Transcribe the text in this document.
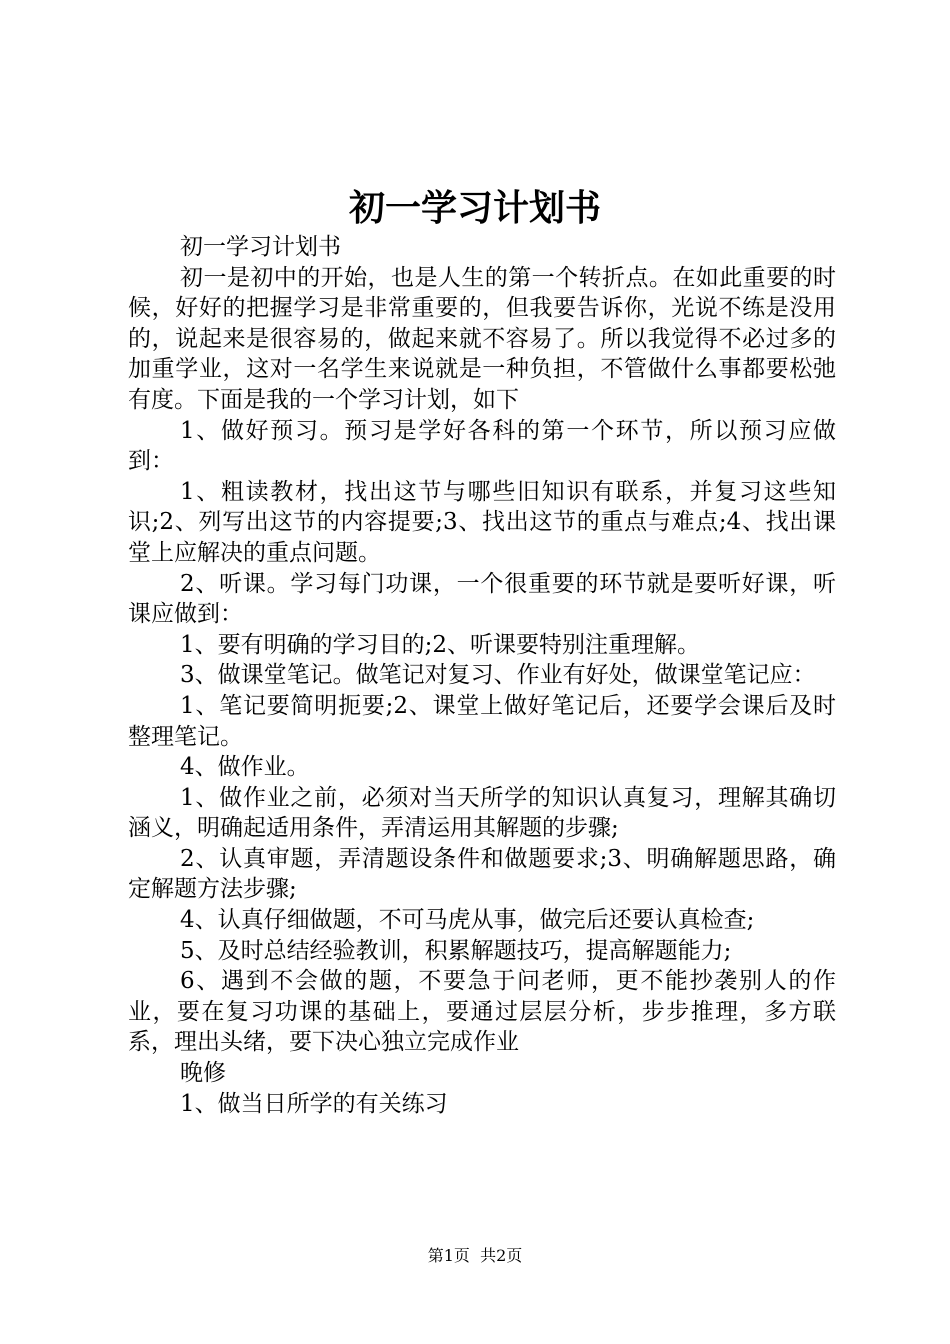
初一学习计划书

初一学习计划书

初一是初中的开始，也是人生的第一个转折点。在如此重要的时候，好好的把握学习是非常重要的，但我要告诉你，光说不练是没用的，说起来是很容易的，做起来就不容易了。所以我觉得不必过多的加重学业，这对一名学生来说就是一种负担，不管做什么事都要松弛有度。下面是我的一个学习计划，如下

1、做好预习。预习是学好各科的第一个环节，所以预习应做到：

1、粗读教材，找出这节与哪些旧知识有联系，并复习这些知识;2、列写出这节的内容提要;3、找出这节的重点与难点;4、找出课堂上应解决的重点问题。

2、听课。学习每门功课，一个很重要的环节就是要听好课，听课应做到：

1、要有明确的学习目的;2、听课要特别注重理解。

3、做课堂笔记。做笔记对复习、作业有好处，做课堂笔记应：

1、笔记要简明扼要;2、课堂上做好笔记后，还要学会课后及时整理笔记。

4、做作业。

1、做作业之前，必须对当天所学的知识认真复习，理解其确切涵义，明确起适用条件，弄清运用其解题的步骤;

2、认真审题，弄清题设条件和做题要求;3、明确解题思路，确定解题方法步骤;

4、认真仔细做题，不可马虎从事，做完后还要认真检查;

5、及时总结经验教训，积累解题技巧，提高解题能力;

6、遇到不会做的题，不要急于问老师，更不能抄袭别人的作业，要在复习功课的基础上，要通过层层分析，步步推理，多方联系，理出头绪，要下决心独立完成作业

晚修

1、做当日所学的有关练习

第1页 共2页
